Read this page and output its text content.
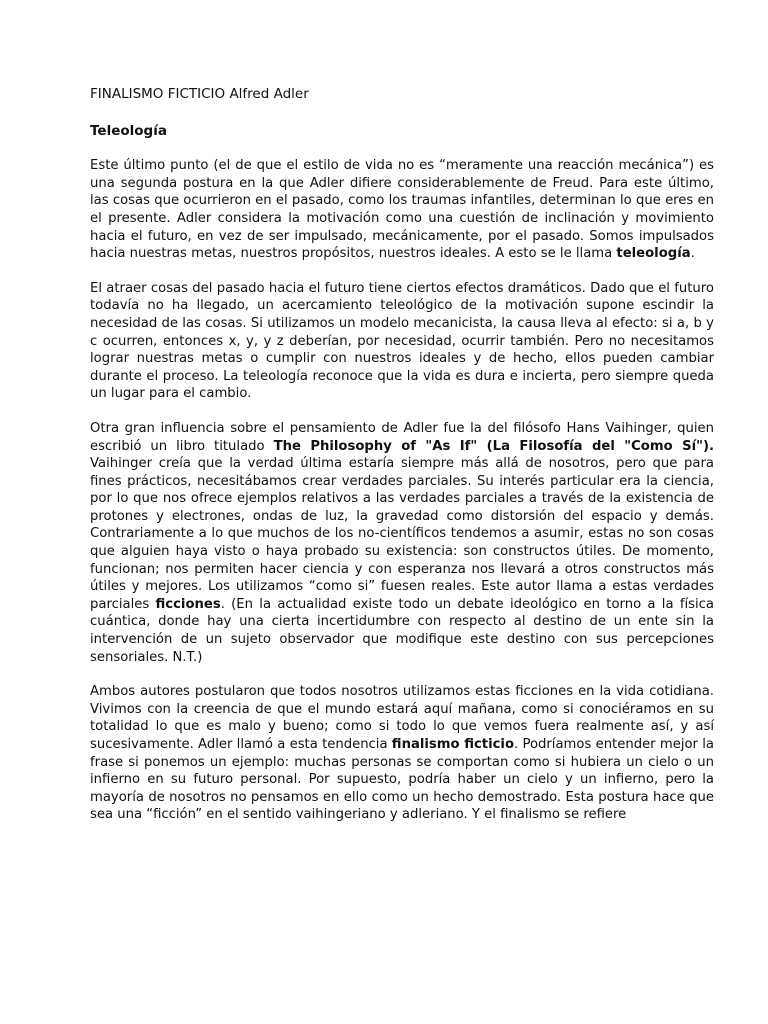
FINALISMO FICTICIO Alfred Adler
Teleología

Este último punto (el de que el estilo de vida no es “meramente una reacción mecánica”) es una segunda postura en la que Adler difiere considerablemente de Freud. Para este último, las cosas que ocurrieron en el pasado, como los traumas infantiles, determinan lo que eres en el presente. Adler considera la motivación como una cuestión de inclinación y movimiento hacia el futuro, en vez de ser impulsado, mecánicamente, por el pasado. Somos impulsados hacia nuestras metas, nuestros propósitos, nuestros ideales. A esto se le llama teleología.

El atraer cosas del pasado hacia el futuro tiene ciertos efectos dramáticos. Dado que el futuro todavía no ha llegado, un acercamiento teleológico de la motivación supone escindir la necesidad de las cosas. Si utilizamos un modelo mecanicista, la causa lleva al efecto: si a, b y c ocurren, entonces x, y, y z deberían, por necesidad, ocurrir también. Pero no necesitamos lograr nuestras metas o cumplir con nuestros ideales y de hecho, ellos pueden cambiar durante el proceso. La teleología reconoce que la vida es dura e incierta, pero siempre queda un lugar para el cambio.

Otra gran influencia sobre el pensamiento de Adler fue la del filósofo Hans Vaihinger, quien escribió un libro titulado The Philosophy of "As If" (La Filosofía del "Como Sí"). Vaihinger creía que la verdad última estaría siempre más allá de nosotros, pero que para fines prácticos, necesitábamos crear verdades parciales. Su interés particular era la ciencia, por lo que nos ofrece ejemplos relativos a las verdades parciales a través de la existencia de protones y electrones, ondas de luz, la gravedad como distorsión del espacio y demás. Contrariamente a lo que muchos de los no-científicos tendemos a asumir, estas no son cosas que alguien haya visto o haya probado su existencia: son constructos útiles. De momento, funcionan; nos permiten hacer ciencia y con esperanza nos llevará a otros constructos más útiles y mejores. Los utilizamos “como si” fuesen reales. Este autor llama a estas verdades parciales ficciones. (En la actualidad existe todo un debate ideológico en torno a la física cuántica, donde hay una cierta incertidumbre con respecto al destino de un ente sin la intervención de un sujeto observador que modifique este destino con sus percepciones sensoriales. N.T.)

Ambos autores postularon que todos nosotros utilizamos estas ficciones en la vida cotidiana. Vivimos con la creencia de que el mundo estará aquí mañana, como si conociéramos en su totalidad lo que es malo y bueno; como si todo lo que vemos fuera realmente así, y así sucesivamente. Adler llamó a esta tendencia finalismo ficticio. Podríamos entender mejor la frase si ponemos un ejemplo: muchas personas se comportan como si hubiera un cielo o un infierno en su futuro personal. Por supuesto, podría haber un cielo y un infierno, pero la mayoría de nosotros no pensamos en ello como un hecho demostrado. Esta postura hace que sea una “ficción” en el sentido vaihingeriano y adleriano. Y el finalismo se refiere
